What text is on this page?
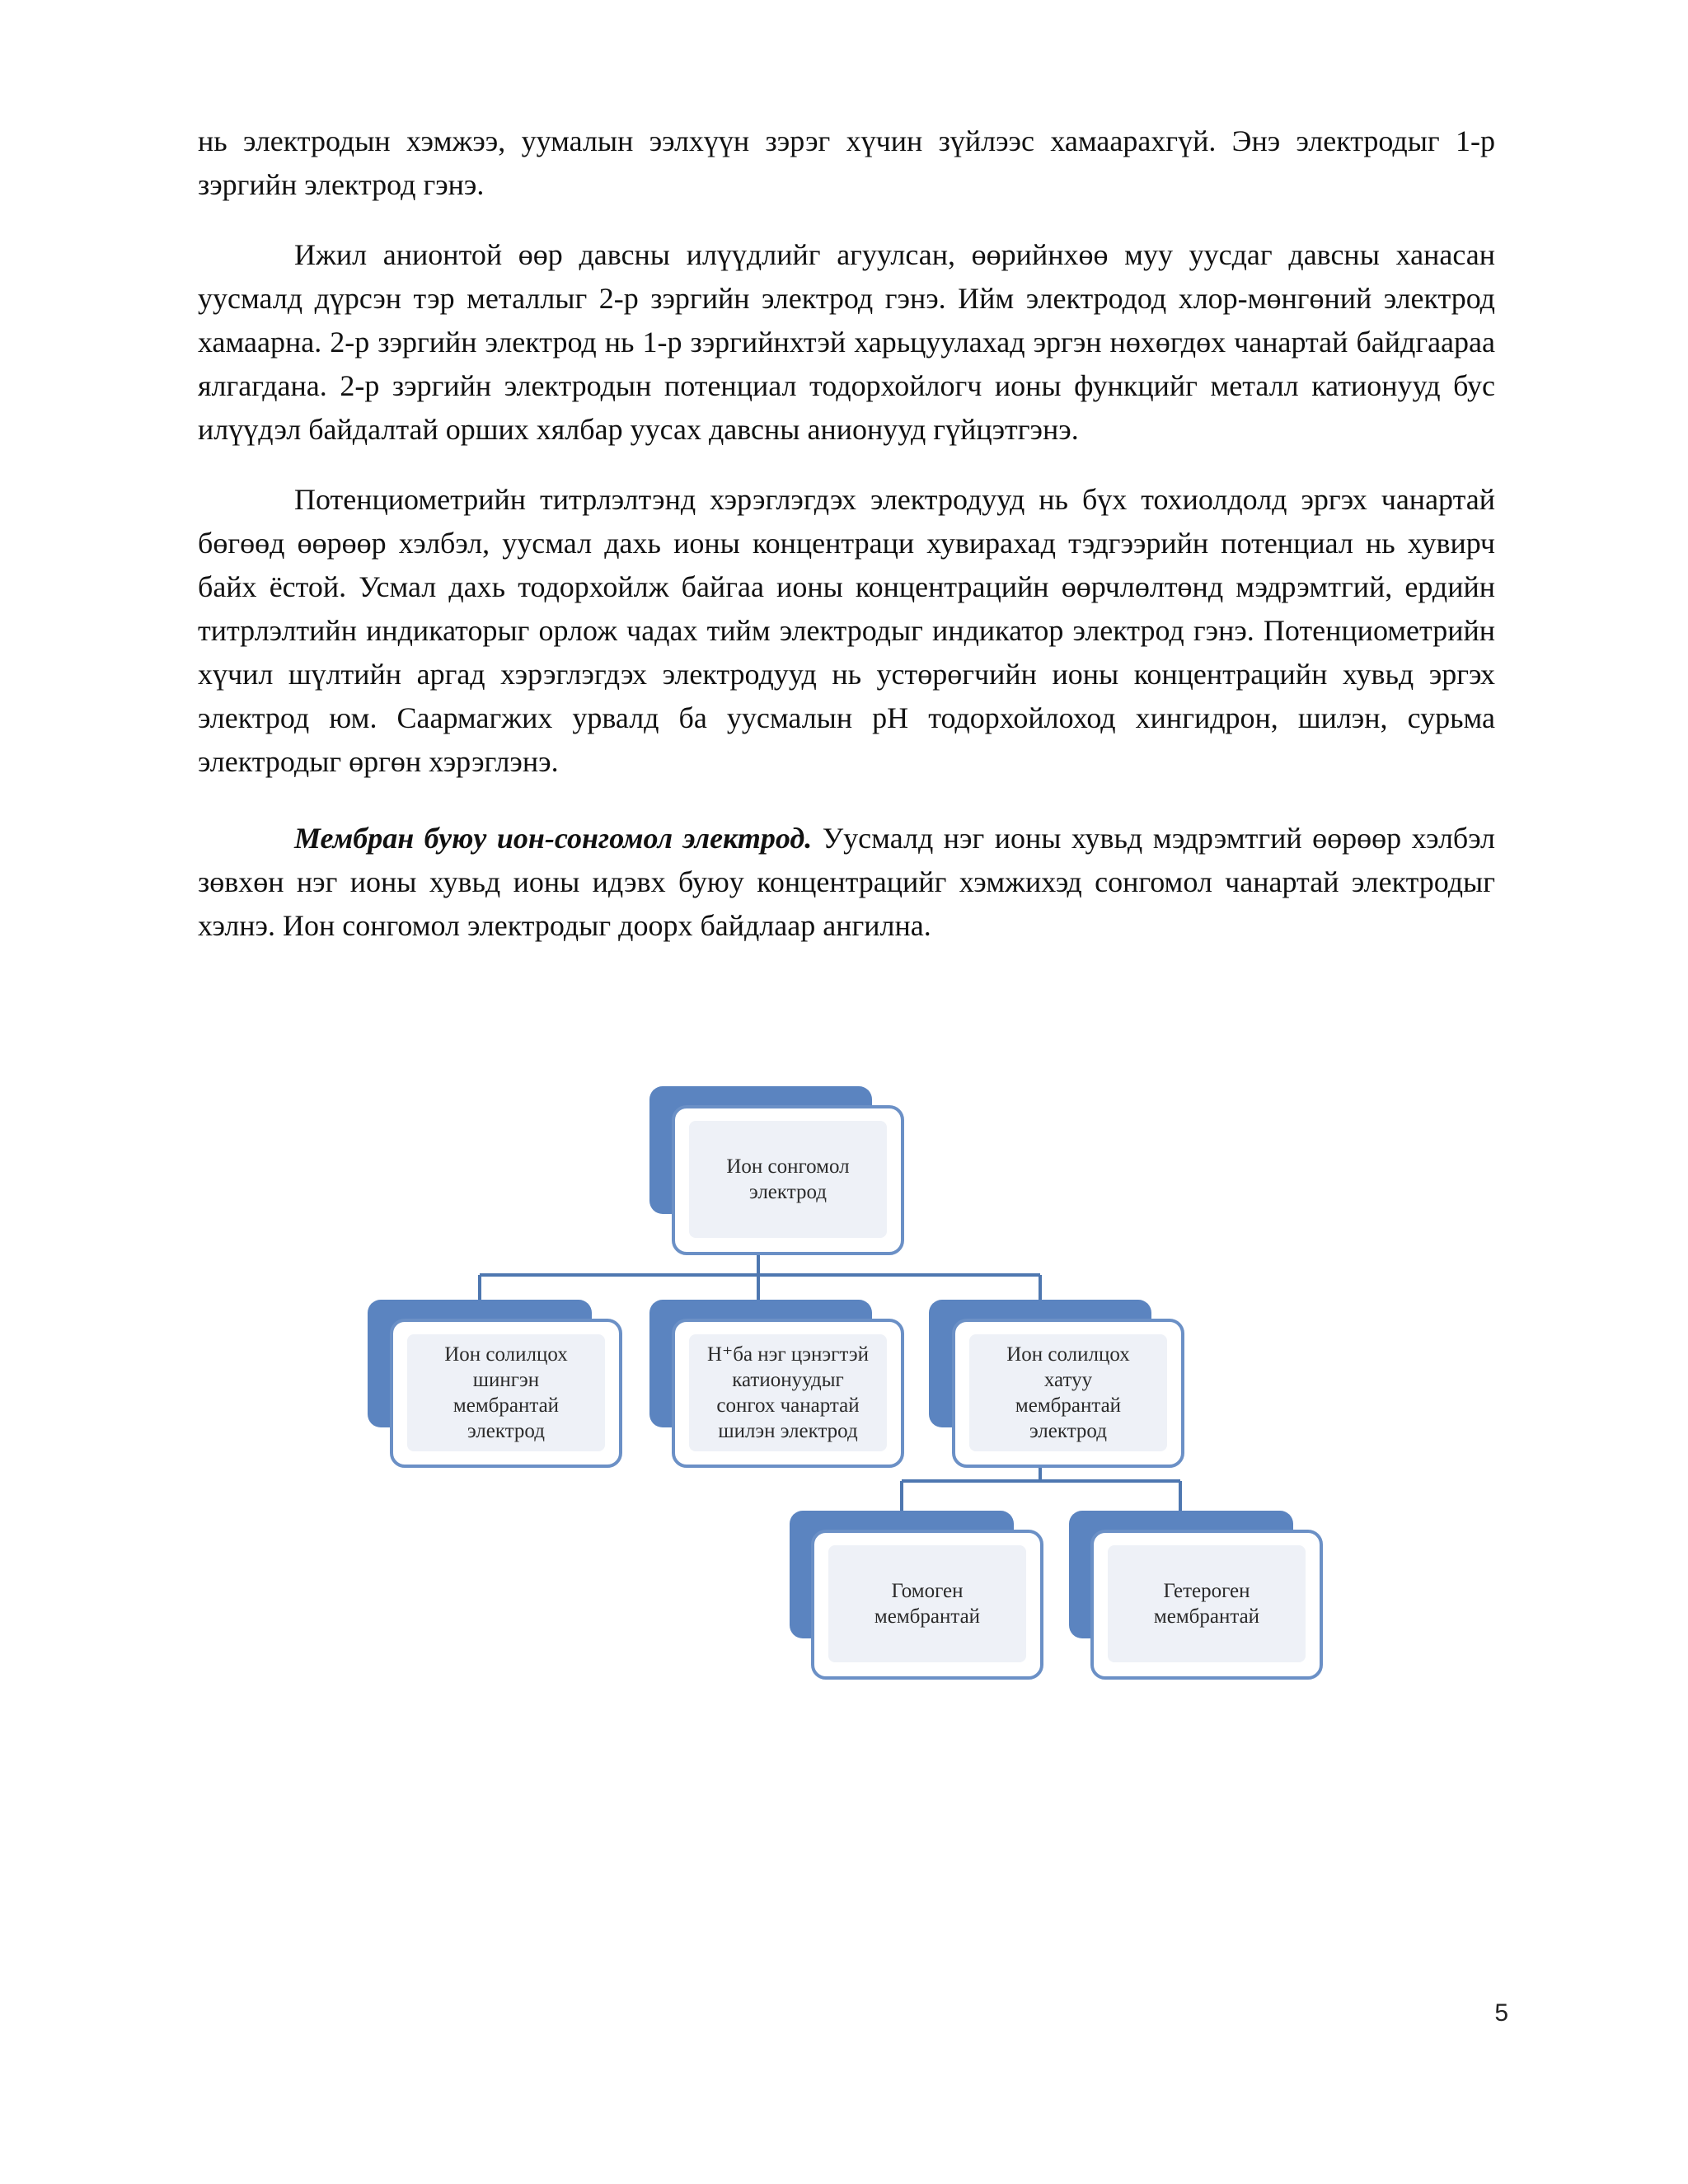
нь электродын хэмжээ, уумалын ээлхүүн зэрэг хүчин зүйлээс хамаарахгүй. Энэ электродыг 1-р зэргийн электрод гэнэ.

Ижил анионтой өөр давсны илүүдлийг агуулсан, өөрийнхөө муу уусдаг давсны ханасан уусмалд дүрсэн тэр металлыг 2-р зэргийн электрод гэнэ. Ийм электродод хлор-мөнгөний электрод хамаарна. 2-р зэргийн электрод нь 1-р зэргийнхтэй харьцуулахад эргэн нөхөгдөх чанартай байдгаараа ялгагдана. 2-р зэргийн электродын потенциал тодорхойлогч ионы функцийг металл катионууд бус илүүдэл байдалтай орших хялбар уусах давсны анионууд гүйцэтгэнэ.

Потенциометрийн титрлэлтэнд хэрэглэгдэх электродууд нь бүх тохиолдолд эргэх чанартай бөгөөд өөрөөр хэлбэл, уусмал дахь ионы концентраци хувирахад тэдгээрийн потенциал нь хувирч байх ёстой. Усмал дахь тодорхойлж байгаа ионы концентрацийн өөрчлөлтөнд мэдрэмтгий, ердийн титрлэлтийн индикаторыг орлож чадах тийм электродыг индикатор электрод гэнэ. Потенциометрийн хүчил шүлтийн аргад хэрэглэгдэх электродууд нь устөрөгчийн ионы концентрацийн хувьд эргэх электрод юм. Саармагжих урвалд ба уусмалын pH тодорхойлоход хингидрон, шилэн, сурьма электродыг өргөн хэрэглэнэ.

Мембран буюу ион-сонгомол электрод. Уусмалд нэг ионы хувьд мэдрэмтгий өөрөөр хэлбэл зөвхөн нэг ионы хувьд ионы идэвх буюу концентрацийг хэмжихэд сонгомол чанартай электродыг хэлнэ. Ион сонгомол электродыг доорх байдлаар ангилна.

Ион сонгомол
электрод
Ион солилцох
шингэн
мембрантай
электрод
H⁺ба нэг цэнэгтэй
катионуудыг
сонгох чанартай
шилэн электрод
Ион солилцох
хатуу
мембрантай
электрод
Гомоген
мембрантай
Гетероген
мембрантай
5
